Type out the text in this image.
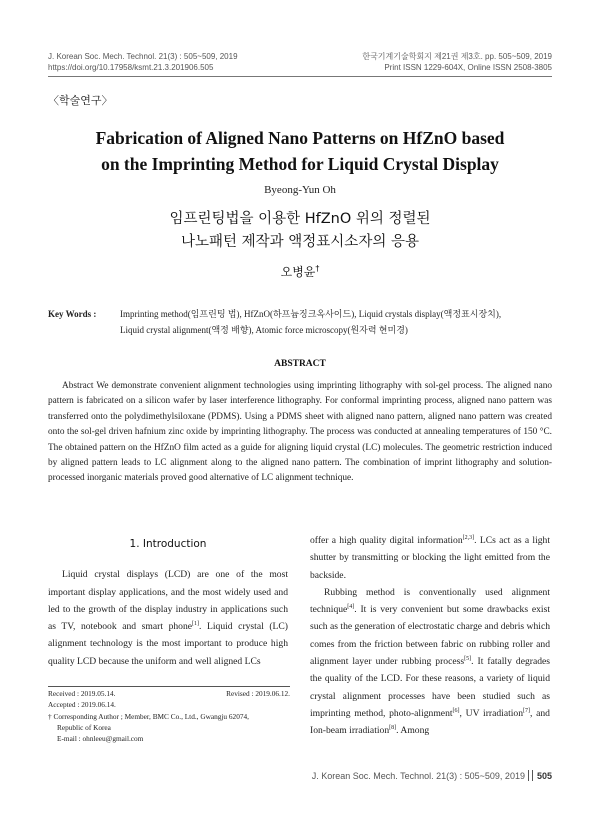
J. Korean Soc. Mech. Technol. 21(3) : 505~509, 2019
https://doi.org/10.17958/ksmt.21.3.201906.505
한국기계기술학회지 제21권 제3호. pp. 505~509, 2019
Print ISSN 1229-604X, Online ISSN 2508-3805
〈학술연구〉
Fabrication of Aligned Nano Patterns on HfZnO based
on the Imprinting Method for Liquid Crystal Display
Byeong-Yun Oh
임프린팅법을 이용한 HfZnO 위의 정렬된
나노패턴 제작과 액정표시소자의 응용
오병윤†
Key Words :	Imprinting method(임프린팅 법), HfZnO(하프늄징크옥사이드), Liquid crystals display(액정표시장치),
Liquid crystal alignment(액정 배향), Atomic force microscopy(원자력 현미경)
ABSTRACT
Abstract We demonstrate convenient alignment technologies using imprinting lithography with sol-gel process. The aligned nano pattern is fabricated on a silicon wafer by laser interference lithography. For conformal imprinting process, aligned nano pattern was transferred onto the polydimethylsiloxane (PDMS). Using a PDMS sheet with aligned nano pattern, aligned nano pattern was created onto the sol-gel driven hafnium zinc oxide by imprinting lithography. The process was conducted at annealing temperatures of 150 °C. The obtained pattern on the HfZnO film acted as a guide for aligning liquid crystal (LC) molecules. The geometric restriction induced by aligned pattern leads to LC alignment along to the aligned nano pattern. The combination of imprint lithography and solution-processed inorganic materials proved good alternative of LC alignment technique.
1. Introduction
Liquid crystal displays (LCD) are one of the most important display applications, and the most widely used and led to the growth of the display industry in applications such as TV, notebook and smart phone[1]. Liquid crystal (LC) alignment technology is the most important to produce high quality LCD because the uniform and well aligned LCs

offer a high quality digital information[2,3]. LCs act as a light shutter by transmitting or blocking the light emitted from the backside.

Rubbing method is conventionally used alignment technique[4]. It is very convenient but some drawbacks exist such as the generation of electrostatic charge and debris which comes from the friction between fabric on rubbing roller and alignment layer under rubbing process[5]. It fatally degrades the quality of the LCD. For these reasons, a variety of liquid crystal alignment processes have been studied such as imprinting method, photo-alignment[6], UV irradiation[7], and Ion-beam irradiation[8]. Among

Received : 2019.05.14.	Revised : 2019.06.12.
Accepted : 2019.06.14.
† Corresponding Author ; Member, BMC Co., Ltd., Gwangju 62074,
Republic of Korea
E-mail : ohnleeu@gmail.com
J. Korean Soc. Mech. Technol. 21(3) : 505~509, 2019 505
